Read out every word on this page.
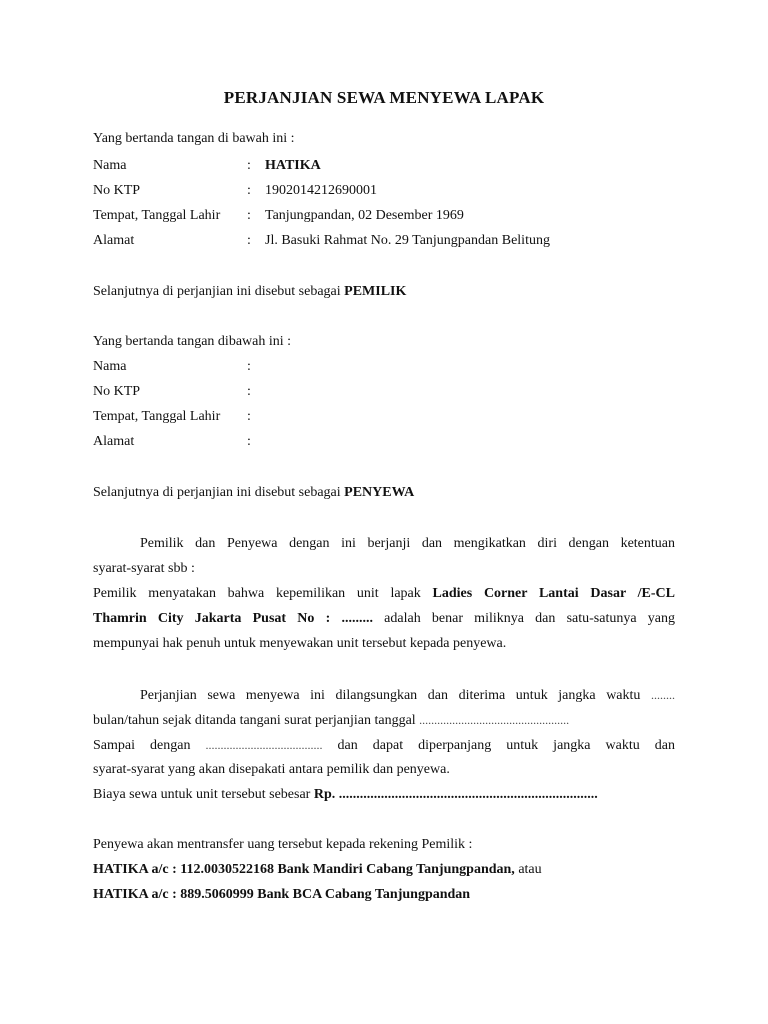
PERJANJIAN SEWA MENYEWA LAPAK
Yang bertanda tangan di bawah ini :
Nama	: HATIKA
No KTP	: 1902014212690001
Tempat, Tanggal Lahir : Tanjungpandan, 02 Desember 1969
Alamat	: Jl. Basuki Rahmat No. 29 Tanjungpandan Belitung
Selanjutnya di perjanjian ini disebut sebagai PEMILIK
Yang bertanda tangan dibawah ini :
Nama	:
No KTP	:
Tempat, Tanggal Lahir :
Alamat	:
Selanjutnya di perjanjian ini disebut sebagai PENYEWA
Pemilik dan Penyewa dengan ini berjanji dan mengikatkan diri dengan ketentuan
syarat-syarat sbb :
Pemilik menyatakan bahwa kepemilikan unit lapak Ladies Corner Lantai Dasar /E-CL
Thamrin City Jakarta Pusat No : ......... adalah benar miliknya dan satu-satunya yang
mempunyai hak penuh untuk menyewakan unit tersebut kepada penyewa.
Perjanjian sewa menyewa ini dilangsungkan dan diterima untuk jangka waktu ........
bulan/tahun sejak ditanda tangani surat perjanjian tanggal ..................................................
Sampai dengan ....................................... dan dapat diperpanjang untuk jangka waktu dan
syarat-syarat yang akan disepakati antara pemilik dan penyewa.
Biaya sewa untuk unit tersebut sebesar Rp. ..........................................................................
Penyewa akan mentransfer uang tersebut kepada rekening Pemilik :
HATIKA a/c : 112.0030522168 Bank Mandiri Cabang Tanjungpandan, atau
HATIKA a/c : 889.5060999 Bank BCA Cabang Tanjungpandan
